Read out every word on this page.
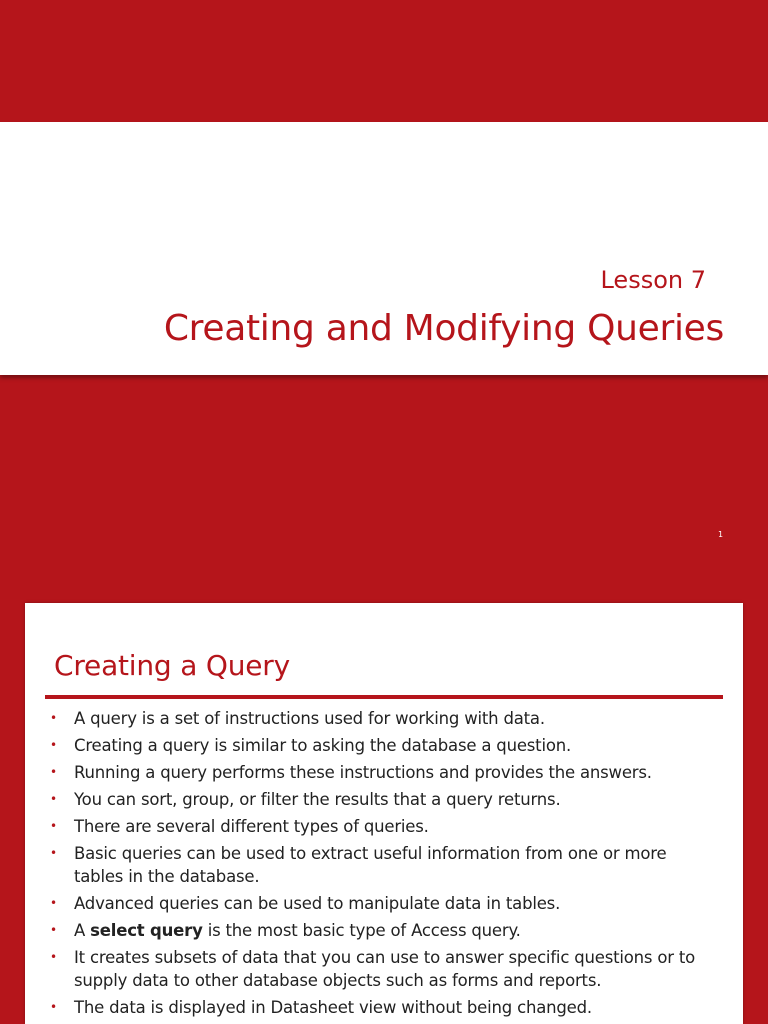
Lesson 7
Creating and Modifying Queries
1
Creating a Query
• A query is a set of instructions used for working with data.
• Creating a query is similar to asking the database a question.
• Running a query performs these instructions and provides the answers.
• You can sort, group, or filter the results that a query returns.
• There are several different types of queries.
• Basic queries can be used to extract useful information from one or more tables in the database.
• Advanced queries can be used to manipulate data in tables.
• A select query is the most basic type of Access query.
• It creates subsets of data that you can use to answer specific questions or to supply data to other database objects such as forms and reports.
• The data is displayed in Datasheet view without being changed.
